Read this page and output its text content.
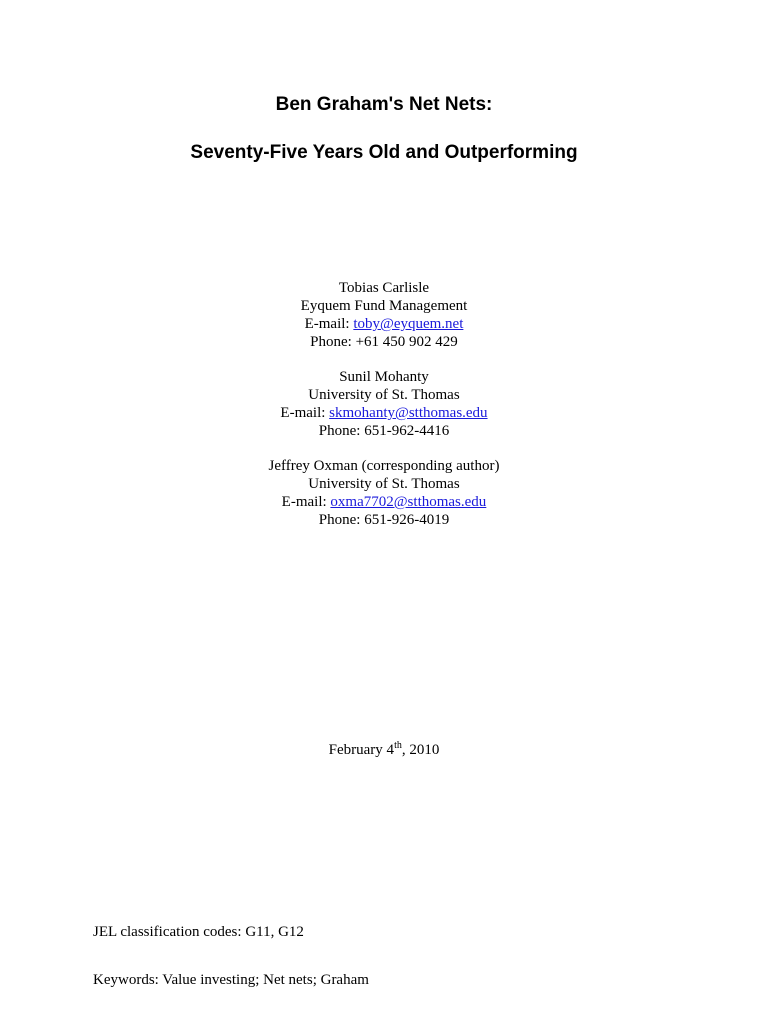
Ben Graham's Net Nets:
Seventy-Five Years Old and Outperforming
Tobias Carlisle
Eyquem Fund Management
E-mail: toby@eyquem.net
Phone: +61 450 902 429
Sunil Mohanty
University of St. Thomas
E-mail: skmohanty@stthomas.edu
Phone: 651-962-4416
Jeffrey Oxman (corresponding author)
University of St. Thomas
E-mail: oxma7702@stthomas.edu
Phone: 651-926-4019
February 4th, 2010
JEL classification codes: G11, G12
Keywords: Value investing; Net nets; Graham
